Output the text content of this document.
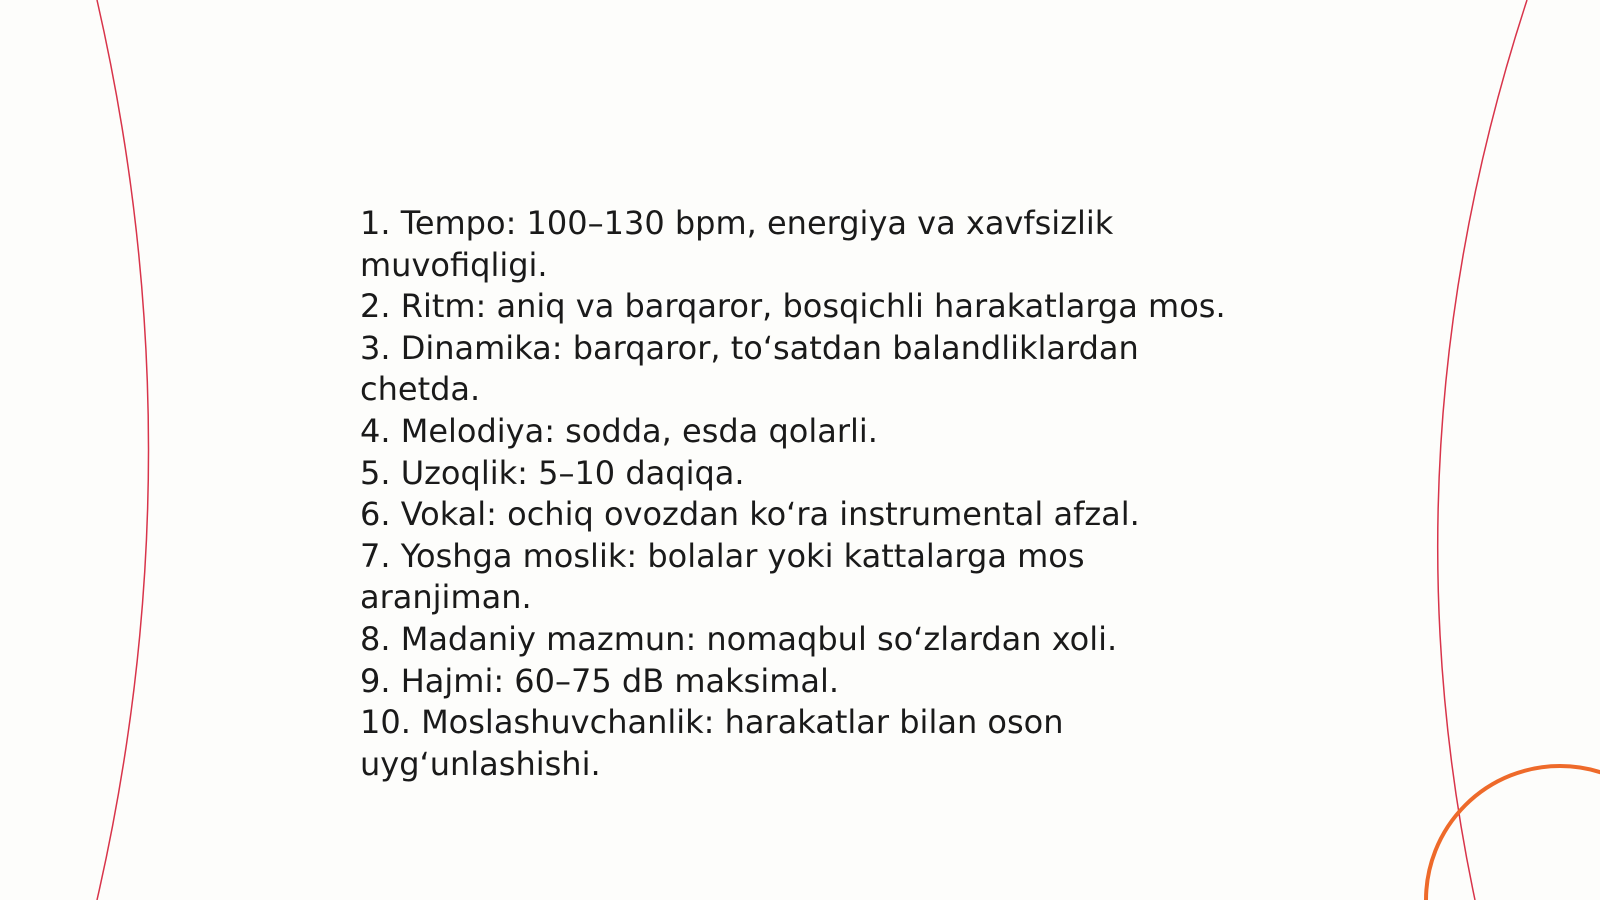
1. Tempo: 100–130 bpm, energiya va xavfsizlik muvofiqligi.

2. Ritm: aniq va barqaror, bosqichli harakatlarga mos.

3. Dinamika: barqaror, to‘satdan balandliklardan chetda.

4. Melodiya: sodda, esda qolarli.

5. Uzoqlik: 5–10 daqiqa.

6. Vokal: ochiq ovozdan ko‘ra instrumental afzal.

7. Yoshga moslik: bolalar yoki kattalarga mos aranjiman.

8. Madaniy mazmun: nomaqbul so‘zlardan xoli.

9. Hajmi: 60–75 dB maksimal.

10. Moslashuvchanlik: harakatlar bilan oson uyg‘unlashishi.
